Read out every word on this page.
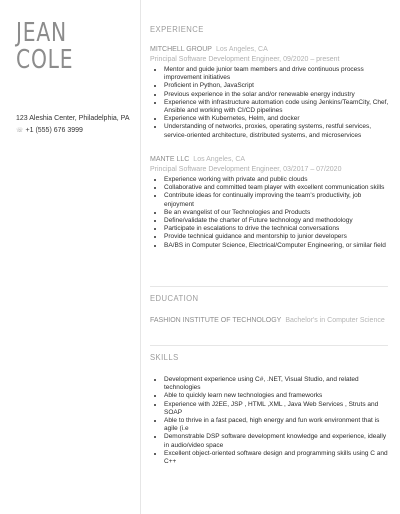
JEAN
COLE
123 Aleshia Center, Philadelphia, PA
☏ +1 (555) 676 3999
EXPERIENCE
MITCHELL GROUP Los Angeles, CA
Principal Software Development Engineer, 09/2020 – present
• Mentor and guide junior team members and drive continuous process improvement initiatives
• Proficient in Python, JavaScript
• Previous experience in the solar and/or renewable energy industry
• Experience with infrastructure automation code using Jenkins/TeamCity, Chef, Ansible and working with CI/CD pipelines
• Experience with Kubernetes, Helm, and docker
• Understanding of networks, proxies, operating systems, restful services, service-oriented architecture, distributed systems, and microservices
MANTE LLC Los Angeles, CA
Principal Software Development Engineer, 03/2017 – 07/2020
• Experience working with private and public clouds
• Collaborative and committed team player with excellent communication skills
• Contribute ideas for continually improving the team's productivity, job enjoyment
• Be an evangelist of our Technologies and Products
• Define/validate the charter of Future technology and methodology
• Participate in escalations to drive the technical conversations
• Provide technical guidance and mentorship to junior developers
• BA/BS in Computer Science, Electrical/Computer Engineering, or similar field
EDUCATION
FASHION INSTITUTE OF TECHNOLOGY Bachelor's in Computer Science
SKILLS
• Development experience using C#, .NET, Visual Studio, and related technologies
• Able to quickly learn new technologies and frameworks
• Experience with J2EE, JSP , HTML ,XML , Java Web Services , Struts and SOAP
• Able to thrive in a fast paced, high energy and fun work environment that is agile (i.e
• Demonstrable DSP software development knowledge and experience, ideally in audio/video space
• Excellent object-oriented software design and programming skills using C and C++
